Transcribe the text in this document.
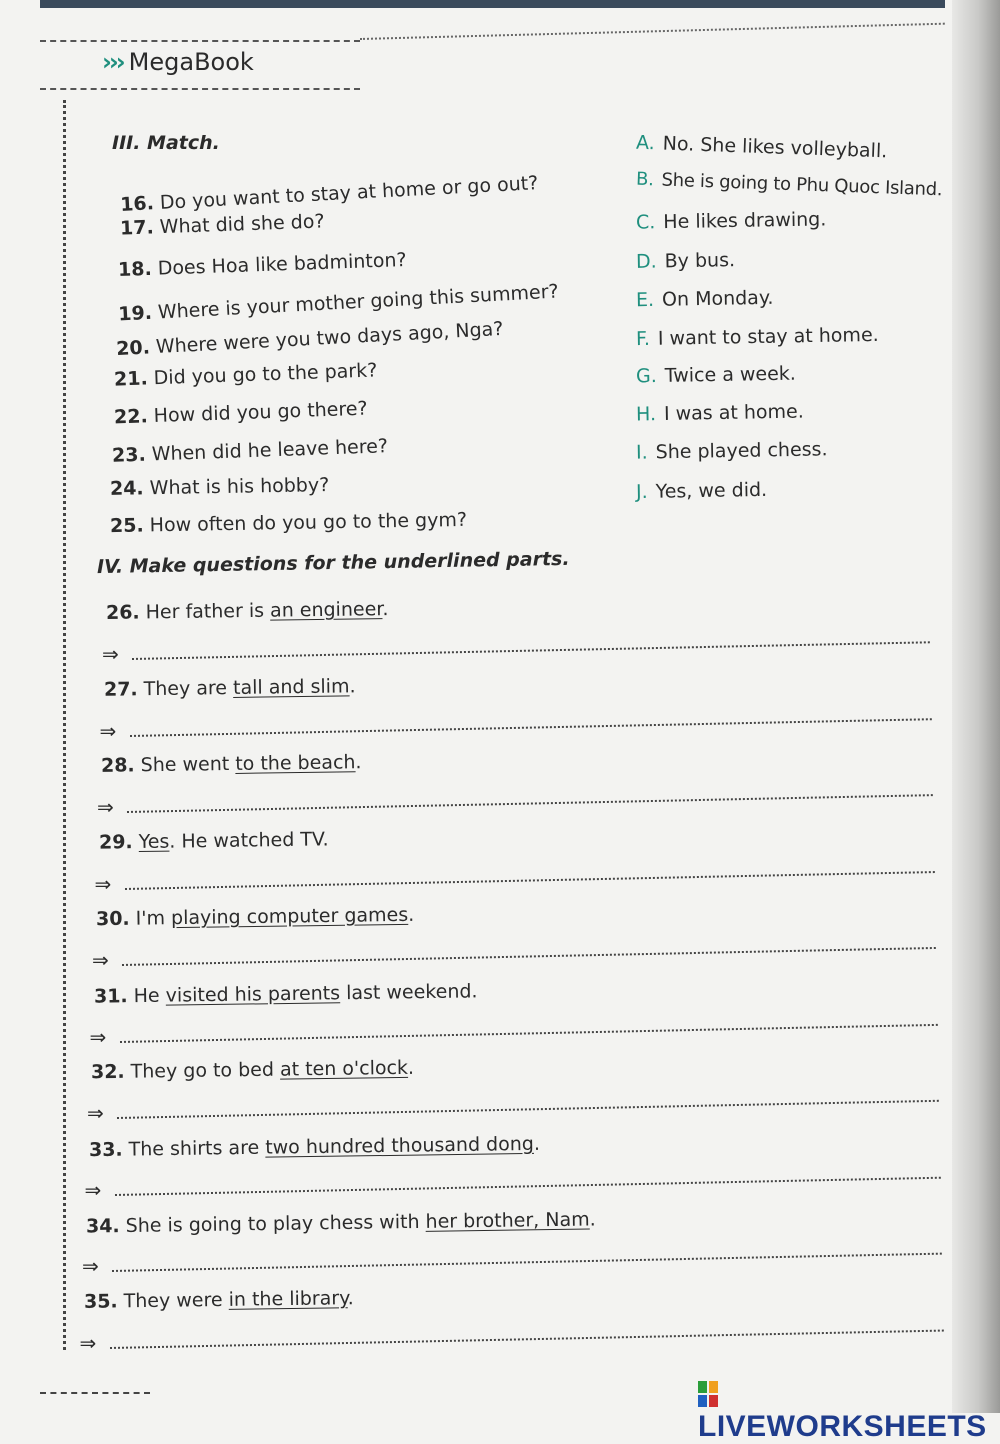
››› MegaBook
III. Match.
16. Do you want to stay at home or go out?
17. What did she do?
18. Does Hoa like badminton?
19. Where is your mother going this summer?
20. Where were you two days ago, Nga?
21. Did you go to the park?
22. How did you go there?
23. When did he leave here?
24. What is his hobby?
25. How often do you go to the gym?
A. No. She likes volleyball.
B. She is going to Phu Quoc Island.
C. He likes drawing.
D. By bus.
E. On Monday.
F. I want to stay at home.
G. Twice a week.
H. I was at home.
I. She played chess.
J. Yes, we did.
IV. Make questions for the underlined parts.
26. Her father is an engineer.
⇒
27. They are tall and slim.
⇒
28. She went to the beach.
⇒
29. Yes. He watched TV.
⇒
30. I'm playing computer games.
⇒
31. He visited his parents last weekend.
⇒
32. They go to bed at ten o'clock.
⇒
33. The shirts are two hundred thousand dong.
⇒
34. She is going to play chess with her brother, Nam.
⇒
35. They were in the library.
⇒
LIVEWORKSHEETS
